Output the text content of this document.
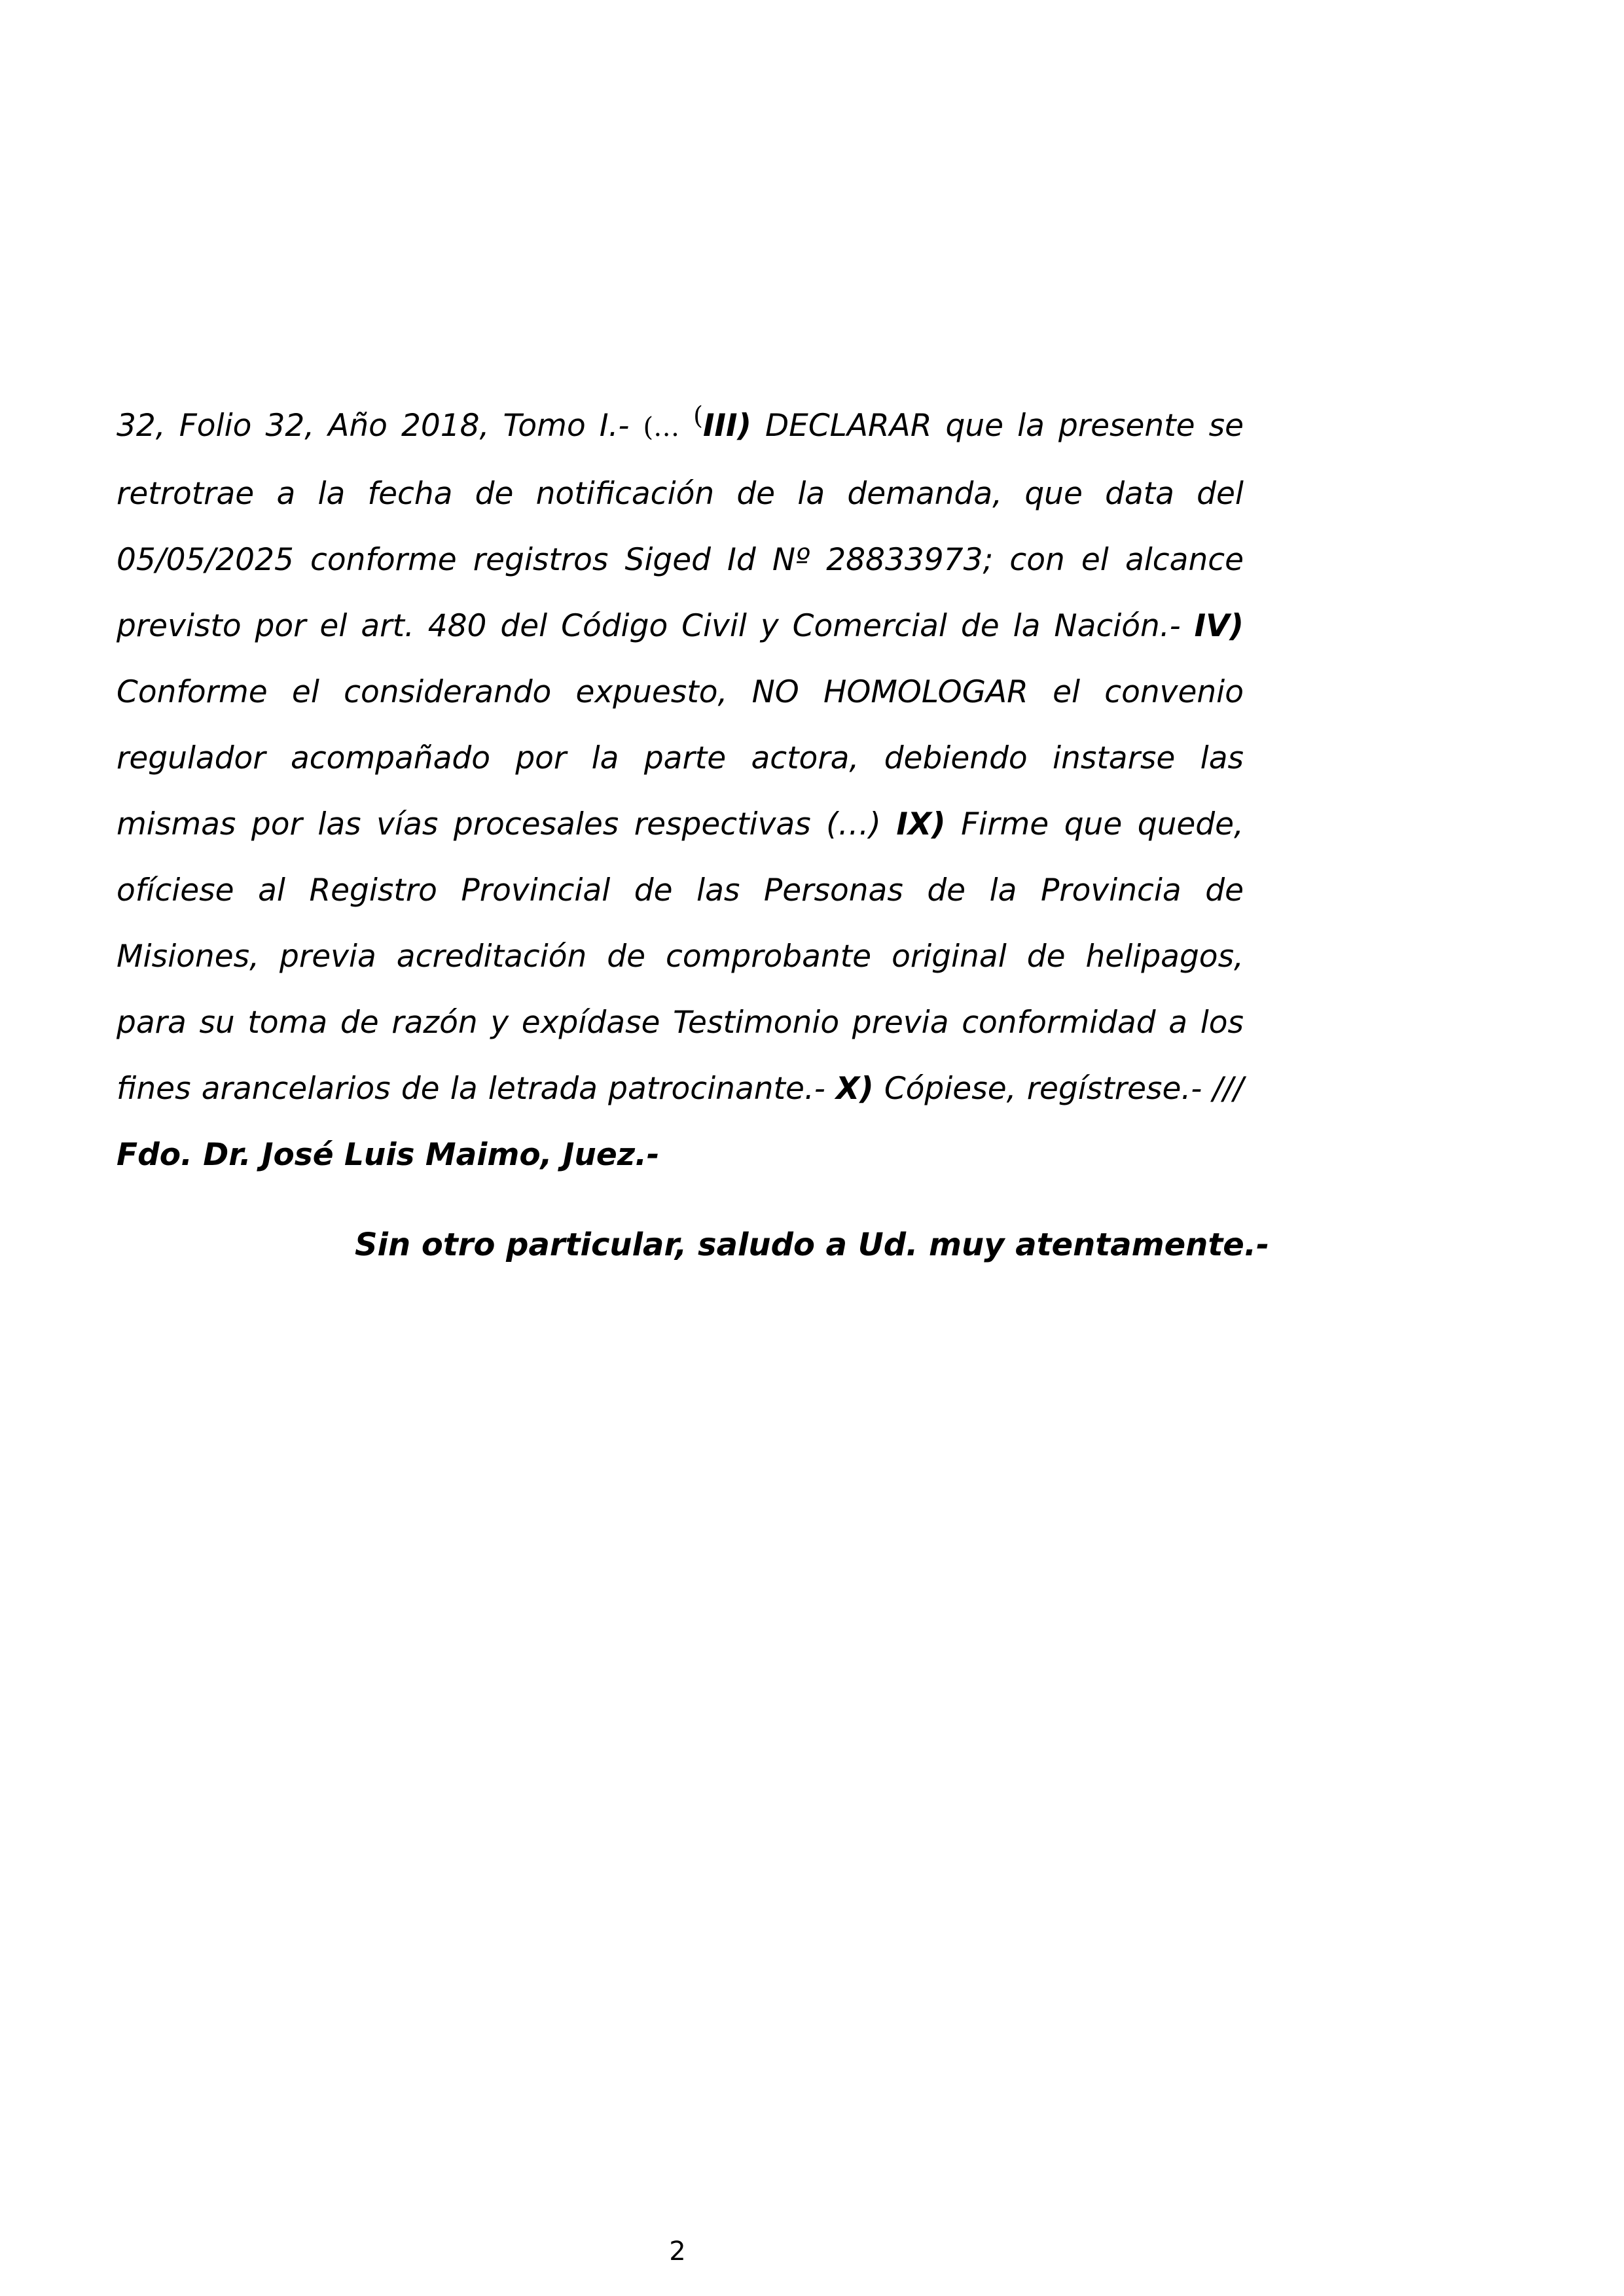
32, Folio 32, Año 2018, Tomo I.- (… (III) DECLARAR que la presente se retrotrae a la fecha de notificación de la demanda, que data del 05/05/2025 conforme registros Siged Id Nº 28833973; con el alcance previsto por el art. 480 del Código Civil y Comercial de la Nación.- IV) Conforme el considerando expuesto, NO HOMOLOGAR el convenio regulador acompañado por la parte actora, debiendo instarse las mismas por las vías procesales respectivas (…) IX) Firme que quede, ofíciese al Registro Provincial de las Personas de la Provincia de Misiones, previa acreditación de comprobante original de helipagos, para su toma de razón y expídase Testimonio previa conformidad a los fines arancelarios de la letrada patrocinante.- X) Cópiese, regístrese.- /// Fdo. Dr. José Luis Maimo, Juez.-

Sin otro particular, saludo a Ud. muy atentamente.-

2
